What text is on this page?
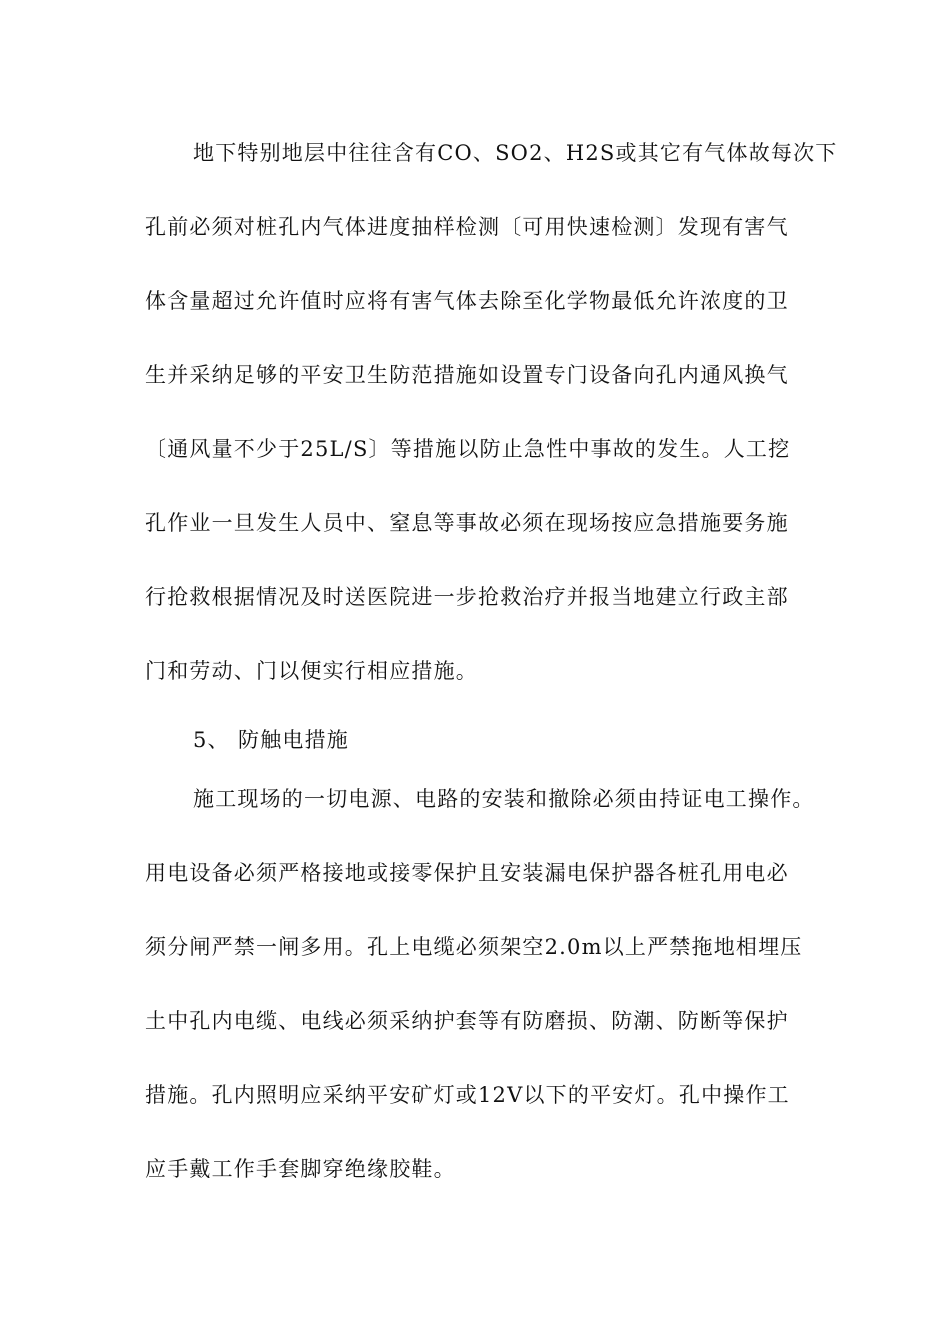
地下特别地层中往往含有CO、SO2、H2S或其它有气体故每次下
孔前必须对桩孔内气体进度抽样检测〔可用快速检测〕发现有害气
体含量超过允许值时应将有害气体去除至化学物最低允许浓度的卫
生并采纳足够的平安卫生防范措施如设置专门设备向孔内通风换气
〔通风量不少于25L/S〕等措施以防止急性中事故的发生。人工挖
孔作业一旦发生人员中、窒息等事故必须在现场按应急措施要务施
行抢救根据情况及时送医院进一步抢救治疗并报当地建立行政主部
门和劳动、门以便实行相应措施。
5、 防触电措施
施工现场的一切电源、电路的安装和撤除必须由持证电工操作。
用电设备必须严格接地或接零保护且安装漏电保护器各桩孔用电必
须分闸严禁一闸多用。孔上电缆必须架空2.0m以上严禁拖地相埋压
土中孔内电缆、电线必须采纳护套等有防磨损、防潮、防断等保护
措施。孔内照明应采纳平安矿灯或12V以下的平安灯。孔中操作工
应手戴工作手套脚穿绝缘胶鞋。
